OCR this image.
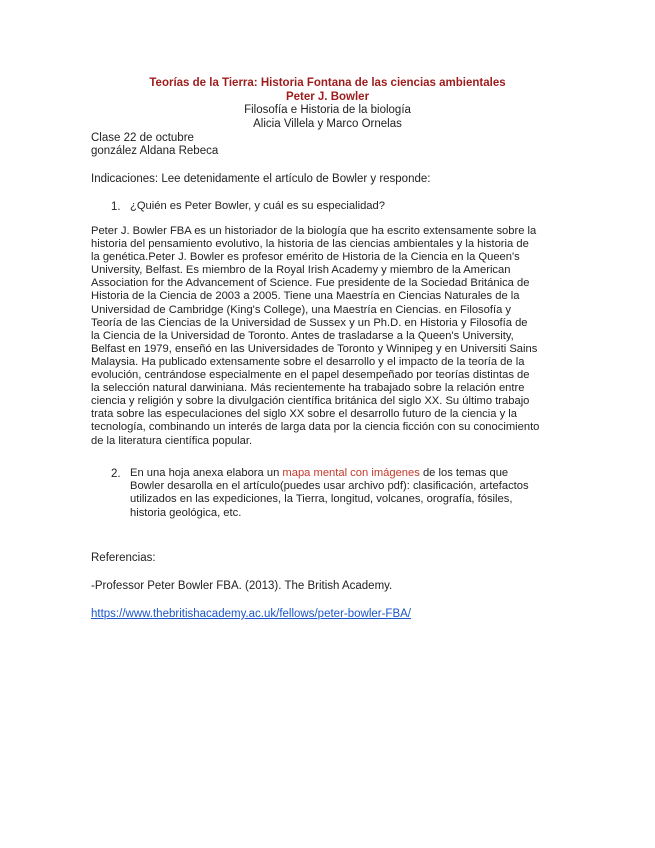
Teorías de la Tierra: Historia Fontana de las ciencias ambientales
Peter J. Bowler
Filosofía e Historia de la biología
Alicia Villela y Marco Ornelas
Clase 22 de octubre
gonzález Aldana Rebeca
Indicaciones: Lee detenidamente el artículo de Bowler y responde:
1. ¿Quién es Peter Bowler, y cuál es su especialidad?
Peter J. Bowler FBA es un historiador de la biología que ha escrito extensamente sobre la
historia del pensamiento evolutivo, la historia de las ciencias ambientales y la historia de
la genética.Peter J. Bowler es profesor emérito de Historia de la Ciencia en la Queen's
University, Belfast. Es miembro de la Royal Irish Academy y miembro de la American
Association for the Advancement of Science. Fue presidente de la Sociedad Británica de
Historia de la Ciencia de 2003 a 2005. Tiene una Maestría en Ciencias Naturales de la
Universidad de Cambridge (King's College), una Maestría en Ciencias. en Filosofía y
Teoría de las Ciencias de la Universidad de Sussex y un Ph.D. en Historia y Filosofía de
la Ciencia de la Universidad de Toronto. Antes de trasladarse a la Queen's University,
Belfast en 1979, enseñó en las Universidades de Toronto y Winnipeg y en Universiti Sains
Malaysia. Ha publicado extensamente sobre el desarrollo y el impacto de la teoría de la
evolución, centrándose especialmente en el papel desempeñado por teorías distintas de
la selección natural darwiniana. Más recientemente ha trabajado sobre la relación entre
ciencia y religión y sobre la divulgación científica británica del siglo XX. Su último trabajo
trata sobre las especulaciones del siglo XX sobre el desarrollo futuro de la ciencia y la
tecnología, combinando un interés de larga data por la ciencia ficción con su conocimiento
de la literatura científica popular.
2. En una hoja anexa elabora un mapa mental con imágenes de los temas que
Bowler desarolla en el artículo(puedes usar archivo pdf): clasificación, artefactos
utilizados en las expediciones, la Tierra, longitud, volcanes, orografía, fósiles,
historia geológica, etc.
Referencias:
-Professor Peter Bowler FBA. (2013). The British Academy.
https://www.thebritishacademy.ac.uk/fellows/peter-bowler-FBA/
